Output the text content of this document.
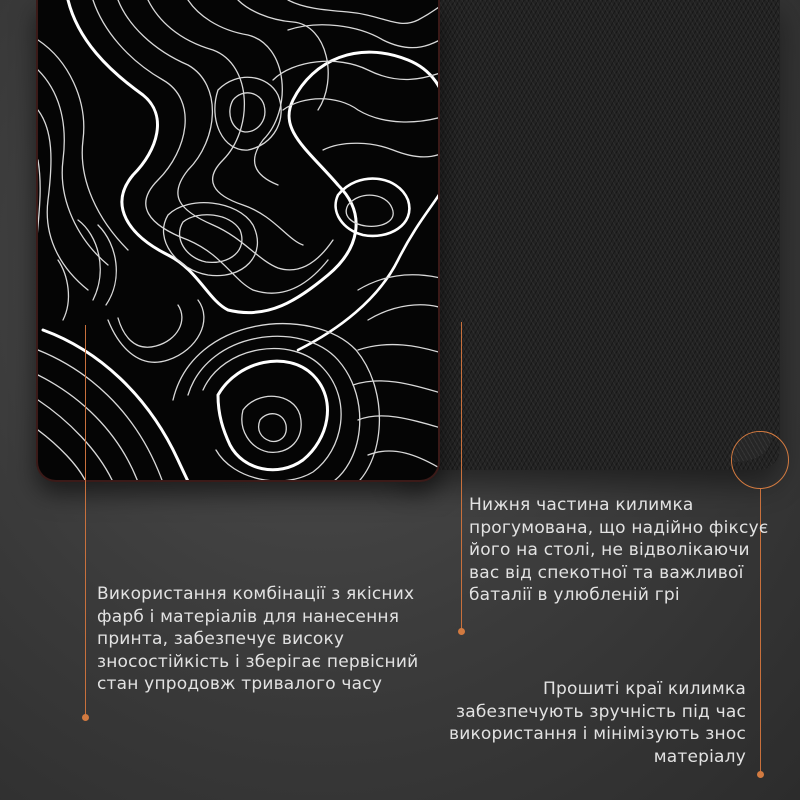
Використання комбінації з якісних фарб і матеріалів для нанесення принта, забезпечує високу зносостійкість і зберігає первісний стан упродовж тривалого часу
Нижня частина килимка прогумована, що надійно фіксує його на столі, не відволікаючи вас від спекотної та важливої баталії в улюбленій грі
Прошиті краї килимка забезпечують зручність під час використання і мінімізують знос матеріалу
